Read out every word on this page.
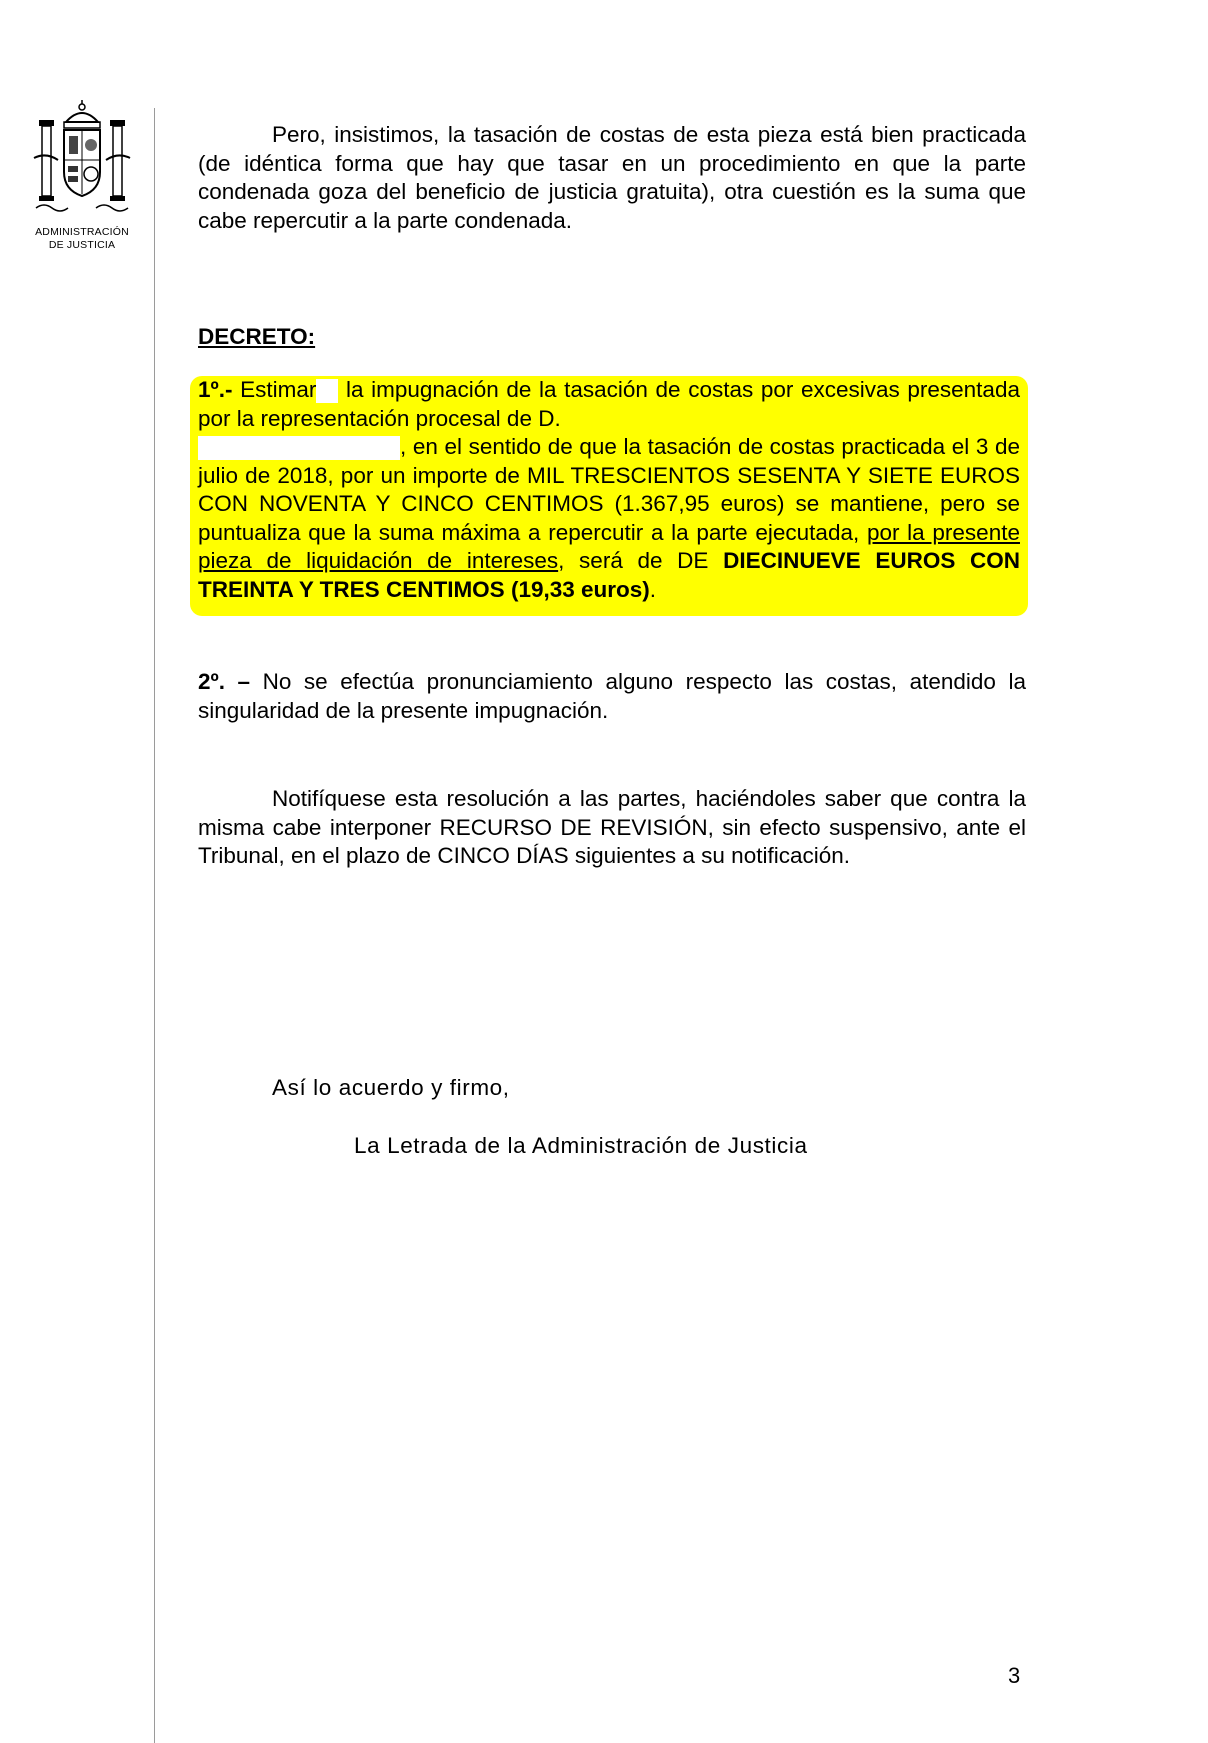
ADMINISTRACIÓN
DE JUSTICIA

Pero, insistimos, la tasación de costas de esta pieza está bien practicada (de idéntica forma que hay que tasar en un procedimiento en que la parte condenada goza del beneficio de justicia gratuita), otra cuestión es la suma que cabe repercutir a la parte condenada.

DECRETO:

1º.- Estimar la impugnación de la tasación de costas por excesivas presentada por la representación procesal de D.
, en el sentido de que la tasación de costas practicada el 3 de julio de 2018, por un importe de MIL TRESCIENTOS SESENTA Y SIETE EUROS CON NOVENTA Y CINCO CENTIMOS (1.367,95 euros) se mantiene, pero se puntualiza que la suma máxima a repercutir a la parte ejecutada, por la presente pieza de liquidación de intereses, será de DE DIECINUEVE EUROS CON TREINTA Y TRES CENTIMOS (19,33 euros).

2º. – No se efectúa pronunciamiento alguno respecto las costas, atendido la singularidad de la presente impugnación.

Notifíquese esta resolución a las partes, haciéndoles saber que contra la misma cabe interponer RECURSO DE REVISIÓN, sin efecto suspensivo, ante el Tribunal, en el plazo de CINCO DÍAS siguientes a su notificación.

Así lo acuerdo y firmo,
La Letrada de la Administración de Justicia
3
